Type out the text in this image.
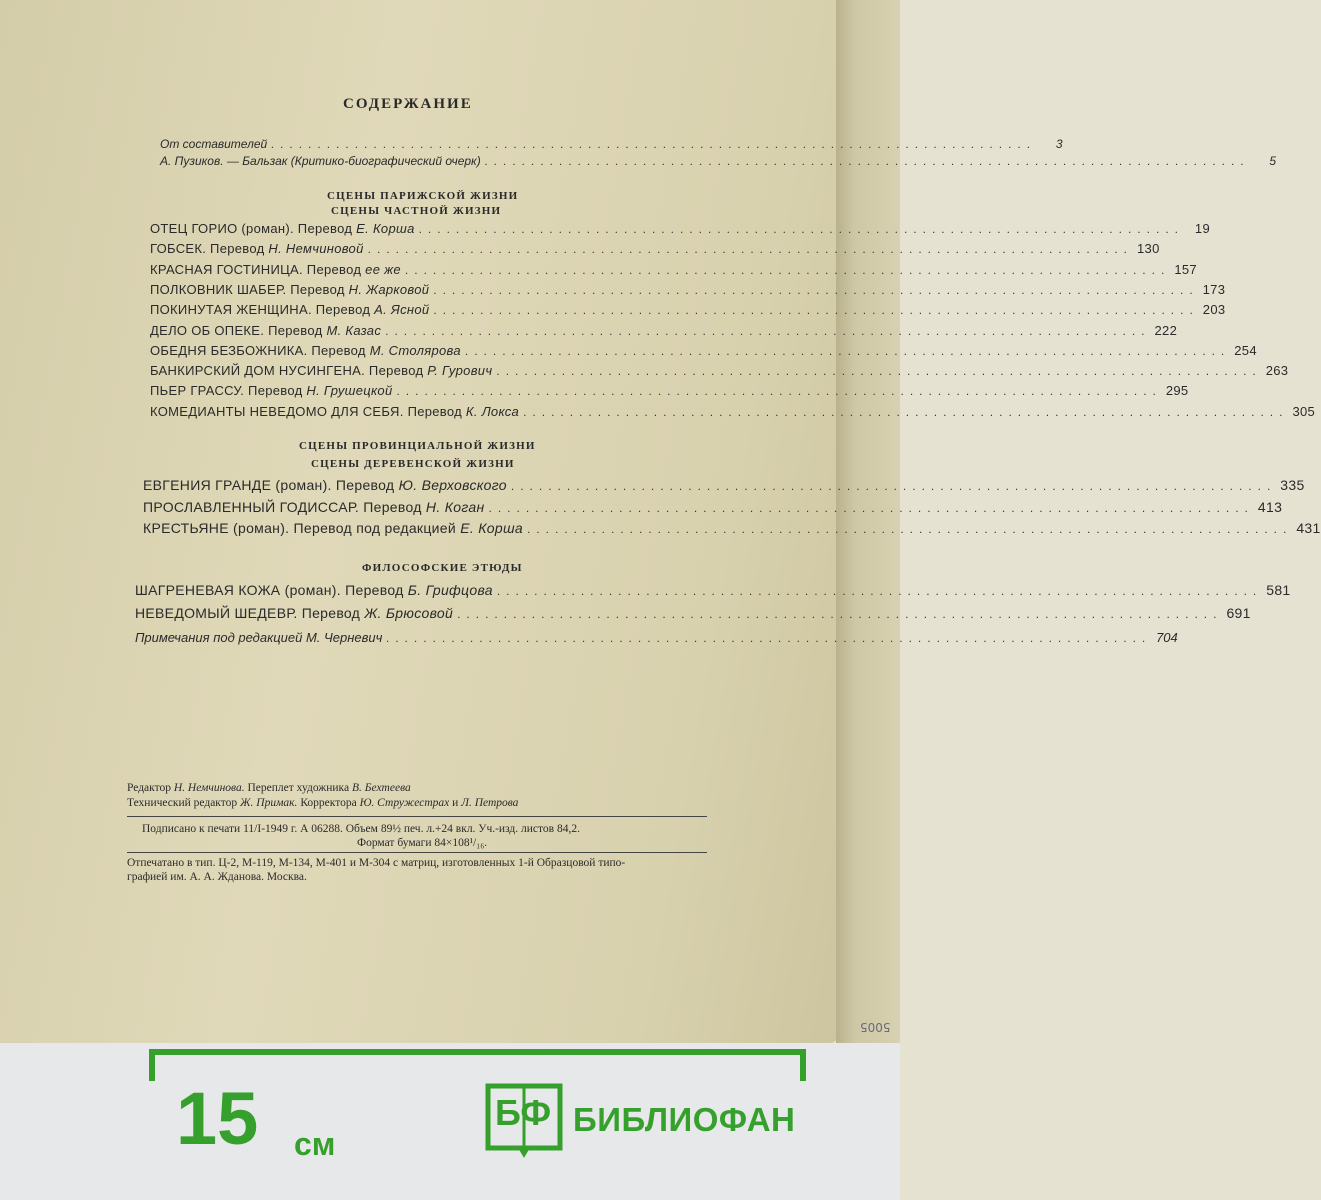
5005
СОДЕРЖАНИЕ
От составителей ..................................................................................	3
А. Пузиков. — Бальзак (Критико-биографический очерк) ..................................................................................	5
СЦЕНЫ ПАРИЖСКОЙ ЖИЗНИ
СЦЕНЫ ЧАСТНОЙ ЖИЗНИ
ОТЕЦ ГОРИО (роман). Перевод Е. Корша .................................................................................. 19
ГОБСЕК. Перевод Н. Немчиновой .................................................................................. 130
КРАСНАЯ ГОСТИНИЦА. Перевод ее же .................................................................................. 157
ПОЛКОВНИК ШАБЕР. Перевод Н. Жарковой .................................................................................. 173
ПОКИНУТАЯ ЖЕНЩИНА. Перевод А. Ясной .................................................................................. 203
ДЕЛО ОБ ОПЕКЕ. Перевод М. Казас .................................................................................. 222
ОБЕДНЯ БЕЗБОЖНИКА. Перевод М. Столярова .................................................................................. 254
БАНКИРСКИЙ ДОМ НУСИНГЕНА. Перевод Р. Гурович .................................................................................. 263
ПЬЕР ГРАССУ. Перевод Н. Грушецкой .................................................................................. 295
КОМЕДИАНТЫ НЕВЕДОМО ДЛЯ СЕБЯ. Перевод К. Локса .................................................................................. 305
СЦЕНЫ ПРОВИНЦИАЛЬНОЙ ЖИЗНИ
СЦЕНЫ ДЕРЕВЕНСКОЙ ЖИЗНИ
ЕВГЕНИЯ ГРАНДЕ (роман). Перевод Ю. Верховского .................................................................................. 335
ПРОСЛАВЛЕННЫЙ ГОДИССАР. Перевод Н. Коган .................................................................................. 413
КРЕСТЬЯНЕ (роман). Перевод под редакцией Е. Корша .................................................................................. 431
ФИЛОСОФСКИЕ ЭТЮДЫ
ШАГРЕНЕВАЯ КОЖА (роман). Перевод Б. Грифцова .................................................................................. 581
НЕВЕДОМЫЙ ШЕДЕВР. Перевод Ж. Брюсовой .................................................................................. 691
Примечания под редакцией М. Черневич .................................................................................. 704
Редактор Н. Немчинова. Переплет художника В. Бехтеева
Технический редактор Ж. Примак. Корректора Ю. Стружестрах и Л. Петрова
Подписано к печати 11/I-1949 г. А 06288. Объем 89½ печ. л.+24 вкл. Уч.-изд. листов 84,2.
Формат бумаги 84×108¹/₁₆.
Отпечатано в тип. Ц-2, М-119, М-134, М-401 и М-304 с матриц, изготовленных 1-й Образцовой типо-
графией им. А. А. Жданова. Москва.
15 см
БФ БИБЛИОФАН
